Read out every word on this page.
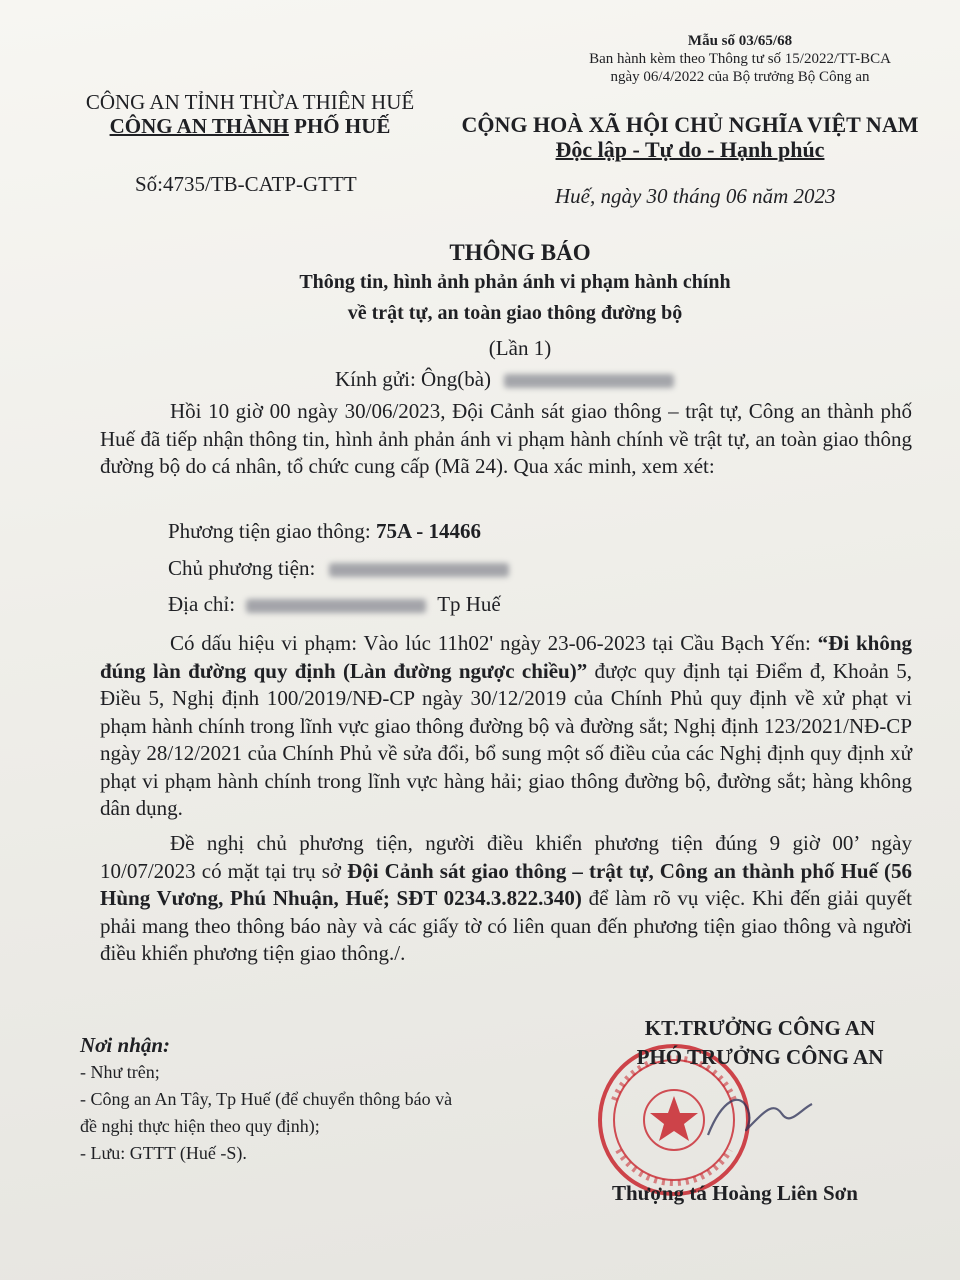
Mẫu số 03/65/68
Ban hành kèm theo Thông tư số 15/2022/TT-BCA
ngày 06/4/2022 của Bộ trưởng Bộ Công an
CÔNG AN TỈNH THỪA THIÊN HUẾ
CÔNG AN THÀNH PHỐ HUẾ	CỘNG HOÀ XÃ HỘI CHỦ NGHĨA VIỆT NAM
Độc lập - Tự do - Hạnh phúc
Số:4735/TB-CATP-GTTT	Huế, ngày 30 tháng 06 năm 2023
THÔNG BÁO
Thông tin, hình ảnh phản ánh vi phạm hành chính
về trật tự, an toàn giao thông đường bộ
(Lần 1)
Kính gửi: Ông(bà)
Hồi 10 giờ 00 ngày 30/06/2023, Đội Cảnh sát giao thông – trật tự, Công an thành phố Huế đã tiếp nhận thông tin, hình ảnh phản ánh vi phạm hành chính về trật tự, an toàn giao thông đường bộ do cá nhân, tổ chức cung cấp (Mã 24). Qua xác minh, xem xét:
Phương tiện giao thông: 75A - 14466
Chủ phương tiện:
Địa chỉ:	Tp Huế
Có dấu hiệu vi phạm: Vào lúc 11h02' ngày 23-06-2023 tại Cầu Bạch Yến: “Đi không đúng làn đường quy định (Làn đường ngược chiều)” được quy định tại Điểm đ, Khoản 5, Điều 5, Nghị định 100/2019/NĐ-CP ngày 30/12/2019 của Chính Phủ quy định về xử phạt vi phạm hành chính trong lĩnh vực giao thông đường bộ và đường sắt; Nghị định 123/2021/NĐ-CP ngày 28/12/2021 của Chính Phủ về sửa đổi, bổ sung một số điều của các Nghị định quy định xử phạt vi phạm hành chính trong lĩnh vực hàng hải; giao thông đường bộ, đường sắt; hàng không dân dụng.
Đề nghị chủ phương tiện, người điều khiển phương tiện đúng 9 giờ 00’ ngày 10/07/2023 có mặt tại trụ sở Đội Cảnh sát giao thông – trật tự, Công an thành phố Huế (56 Hùng Vương, Phú Nhuận, Huế; SĐT 0234.3.822.340) để làm rõ vụ việc. Khi đến giải quyết phải mang theo thông báo này và các giấy tờ có liên quan đến phương tiện giao thông và người điều khiển phương tiện giao thông./.
Nơi nhận:
- Như trên;
- Công an An Tây, Tp Huế (để chuyển thông báo và
đề nghị thực hiện theo quy định);
- Lưu: GTTT (Huế -S).
KT.TRƯỞNG CÔNG AN
PHÓ TRƯỞNG CÔNG AN
Thượng tá Hoàng Liên Sơn
